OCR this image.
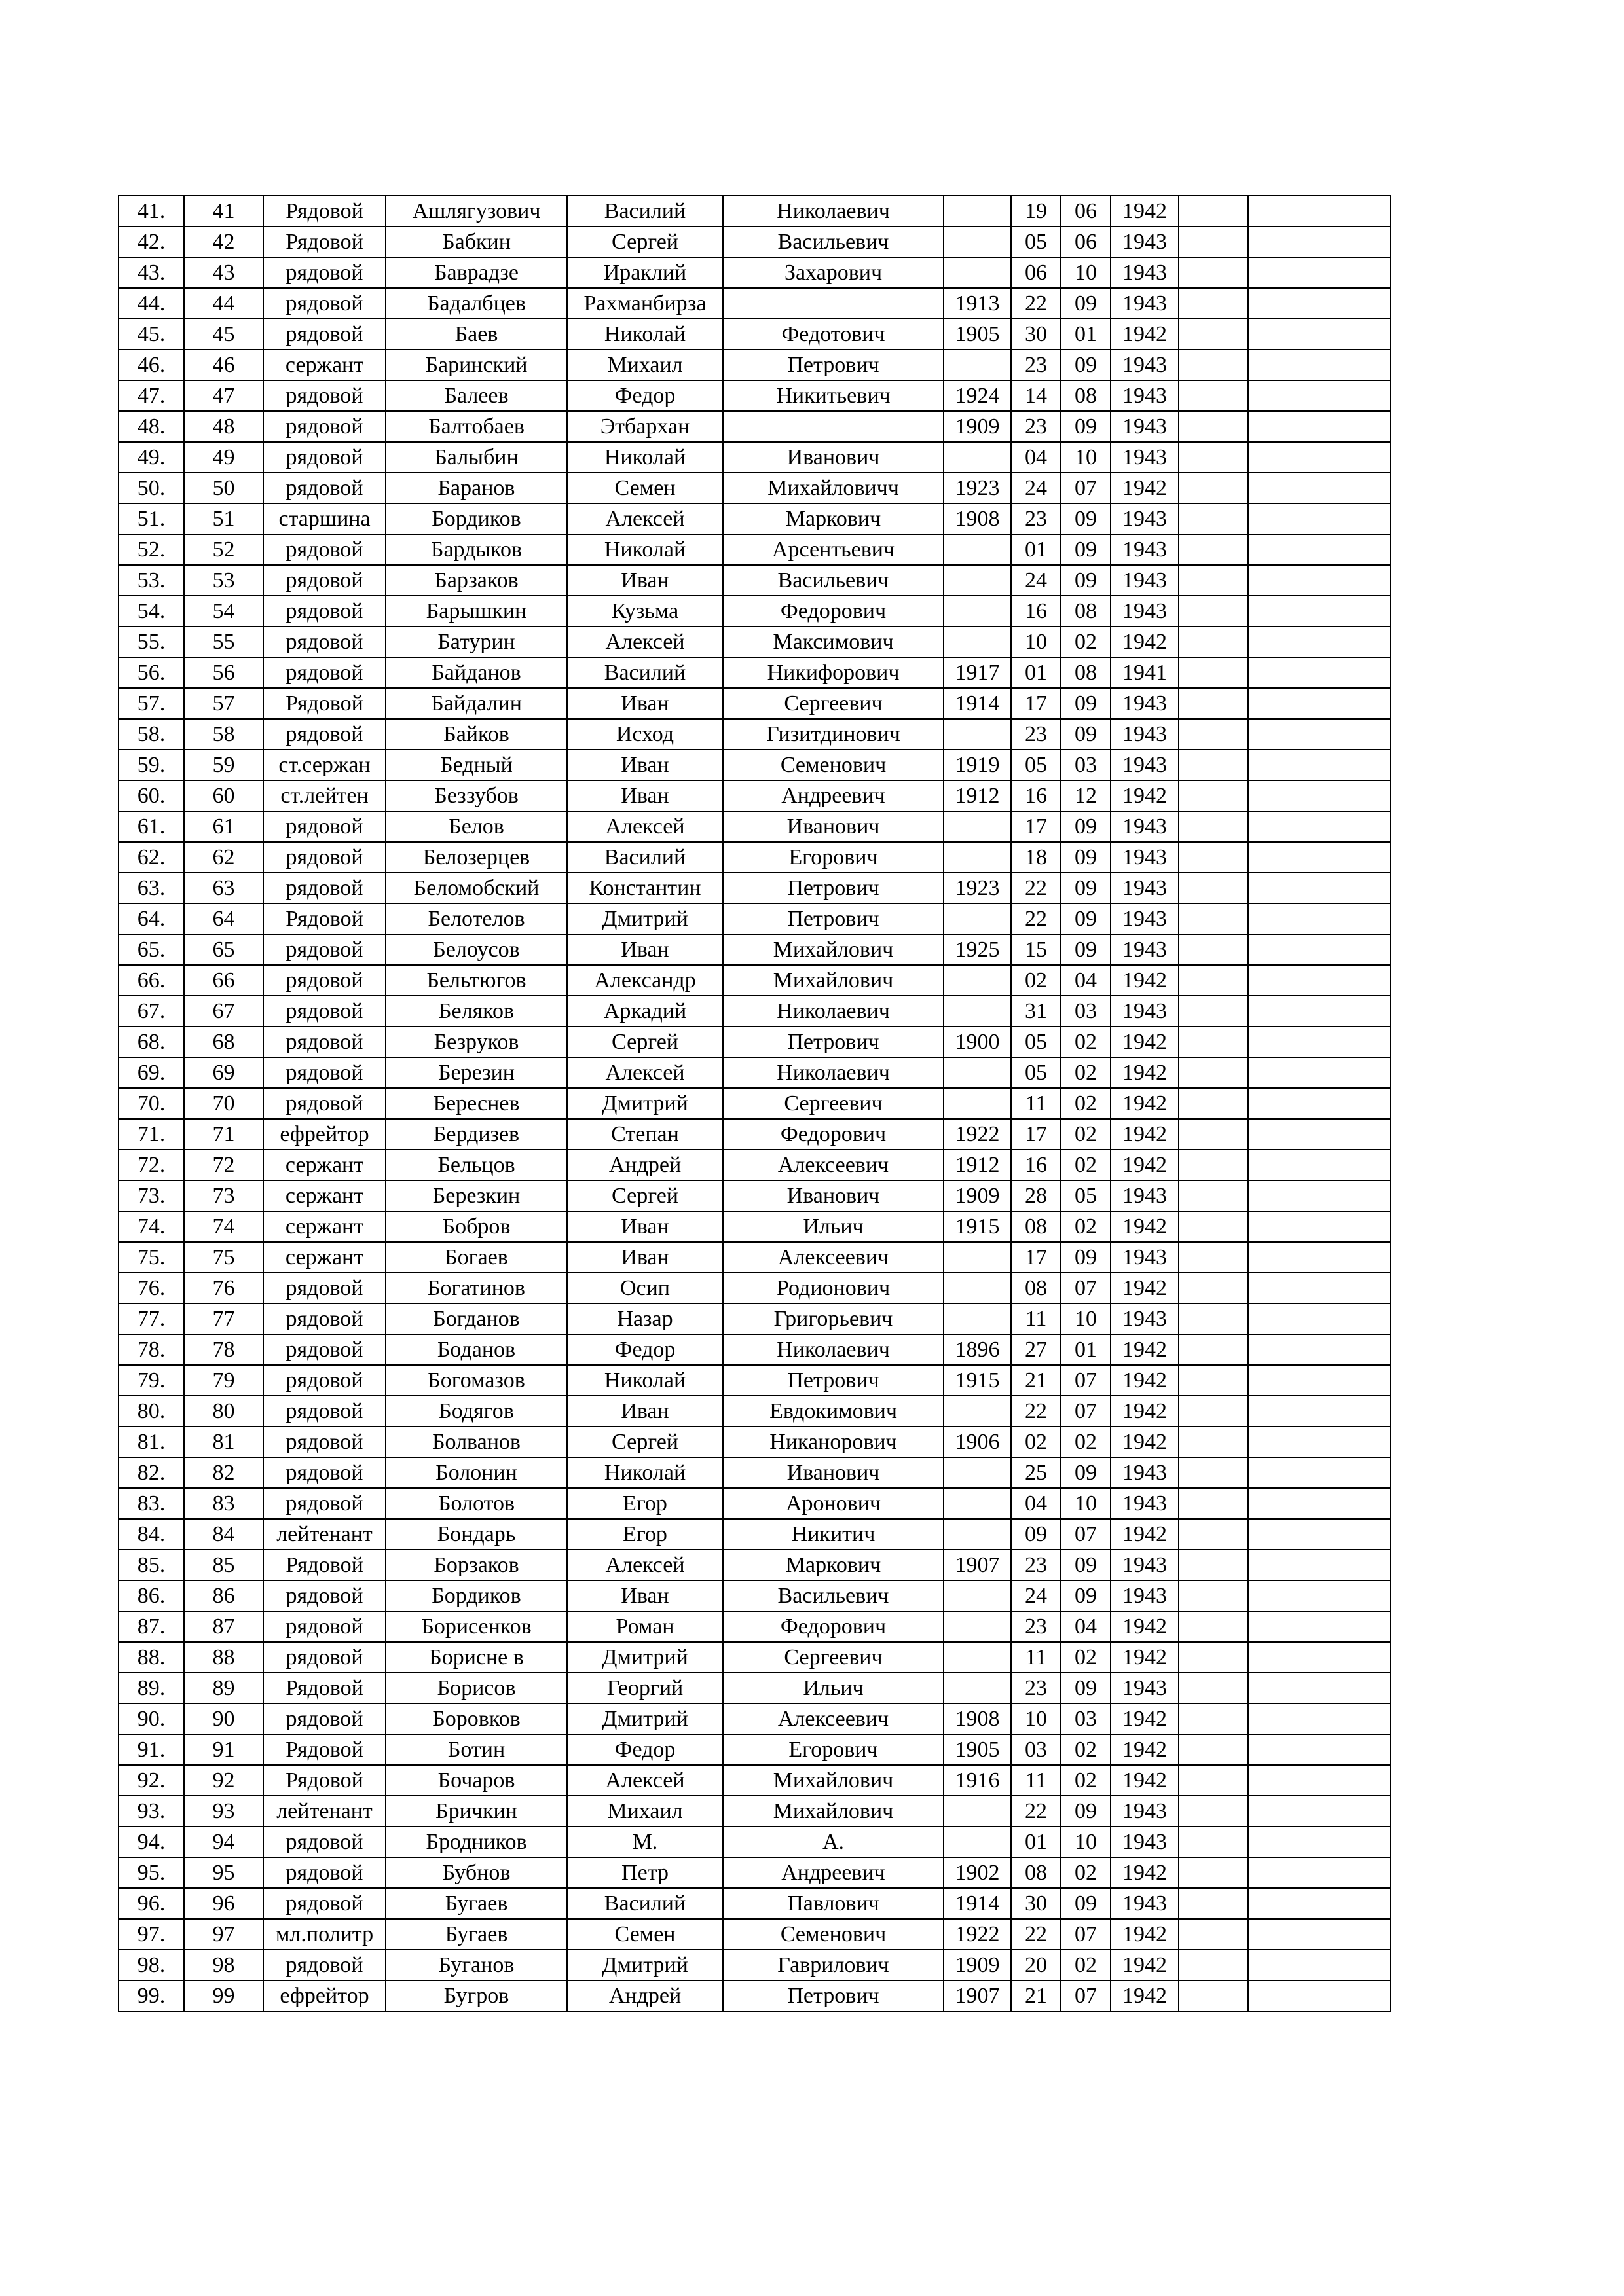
41.	41	Рядовой	Ашлягузович	Василий	Николаевич		19	06	1942		
42.	42	Рядовой	Бабкин	Сергей	Васильевич		05	06	1943		
43.	43	рядовой	Баврадзе	Ираклий	Захарович		06	10	1943		
44.	44	рядовой	Бадалбцев	Рахманбирза		1913	22	09	1943		
45.	45	рядовой	Баев	Николай	Федотович	1905	30	01	1942		
46.	46	сержант	Баринский	Михаил	Петрович		23	09	1943		
47.	47	рядовой	Балеев	Федор	Никитьевич	1924	14	08	1943		
48.	48	рядовой	Балтобаев	Этбархан		1909	23	09	1943		
49.	49	рядовой	Балыбин	Николай	Иванович		04	10	1943		
50.	50	рядовой	Баранов	Семен	Михайловичч	1923	24	07	1942		
51.	51	старшина	Бордиков	Алексей	Маркович	1908	23	09	1943		
52.	52	рядовой	Бардыков	Николай	Арсентьевич		01	09	1943		
53.	53	рядовой	Барзаков	Иван	Васильевич		24	09	1943		
54.	54	рядовой	Барышкин	Кузьма	Федорович		16	08	1943		
55.	55	рядовой	Батурин	Алексей	Максимович		10	02	1942		
56.	56	рядовой	Байданов	Василий	Никифорович	1917	01	08	1941		
57.	57	Рядовой	Байдалин	Иван	Сергеевич	1914	17	09	1943		
58.	58	рядовой	Байков	Исход	Гизитдинович		23	09	1943		
59.	59	ст.сержан	Бедный	Иван	Семенович	1919	05	03	1943		
60.	60	ст.лейтен	Беззубов	Иван	Андреевич	1912	16	12	1942		
61.	61	рядовой	Белов	Алексей	Иванович		17	09	1943		
62.	62	рядовой	Белозерцев	Василий	Егорович		18	09	1943		
63.	63	рядовой	Беломобский	Константин	Петрович	1923	22	09	1943		
64.	64	Рядовой	Белотелов	Дмитрий	Петрович		22	09	1943		
65.	65	рядовой	Белоусов	Иван	Михайлович	1925	15	09	1943		
66.	66	рядовой	Бельтюгов	Александр	Михайлович		02	04	1942		
67.	67	рядовой	Беляков	Аркадий	Николаевич		31	03	1943		
68.	68	рядовой	Безруков	Сергей	Петрович	1900	05	02	1942		
69.	69	рядовой	Березин	Алексей	Николаевич		05	02	1942		
70.	70	рядовой	Береснев	Дмитрий	Сергеевич		11	02	1942		
71.	71	ефрейтор	Бердизев	Степан	Федорович	1922	17	02	1942		
72.	72	сержант	Бельцов	Андрей	Алексеевич	1912	16	02	1942		
73.	73	сержант	Березкин	Сергей	Иванович	1909	28	05	1943		
74.	74	сержант	Бобров	Иван	Ильич	1915	08	02	1942		
75.	75	сержант	Богаев	Иван	Алексеевич		17	09	1943		
76.	76	рядовой	Богатинов	Осип	Родионович		08	07	1942		
77.	77	рядовой	Богданов	Назар	Григорьевич		11	10	1943		
78.	78	рядовой	Боданов	Федор	Николаевич	1896	27	01	1942		
79.	79	рядовой	Богомазов	Николай	Петрович	1915	21	07	1942		
80.	80	рядовой	Бодягов	Иван	Евдокимович		22	07	1942		
81.	81	рядовой	Болванов	Сергей	Никанорович	1906	02	02	1942		
82.	82	рядовой	Болонин	Николай	Иванович		25	09	1943		
83.	83	рядовой	Болотов	Егор	Аронович		04	10	1943		
84.	84	лейтенант	Бондарь	Егор	Никитич		09	07	1942		
85.	85	Рядовой	Борзаков	Алексей	Маркович	1907	23	09	1943		
86.	86	рядовой	Бордиков	Иван	Васильевич		24	09	1943		
87.	87	рядовой	Борисенков	Роман	Федорович		23	04	1942		
88.	88	рядовой	Борисне в	Дмитрий	Сергеевич		11	02	1942		
89.	89	Рядовой	Борисов	Георгий	Ильич		23	09	1943		
90.	90	рядовой	Боровков	Дмитрий	Алексеевич	1908	10	03	1942		
91.	91	Рядовой	Ботин	Федор	Егорович	1905	03	02	1942		
92.	92	Рядовой	Бочаров	Алексей	Михайлович	1916	11	02	1942		
93.	93	лейтенант	Бричкин	Михаил	Михайлович		22	09	1943		
94.	94	рядовой	Бродников	М.	А.		01	10	1943		
95.	95	рядовой	Бубнов	Петр	Андреевич	1902	08	02	1942		
96.	96	рядовой	Бугаев	Василий	Павлович	1914	30	09	1943		
97.	97	мл.политр	Бугаев	Семен	Семенович	1922	22	07	1942		
98.	98	рядовой	Буганов	Дмитрий	Гаврилович	1909	20	02	1942		
99.	99	ефрейтор	Бугров	Андрей	Петрович	1907	21	07	1942		
